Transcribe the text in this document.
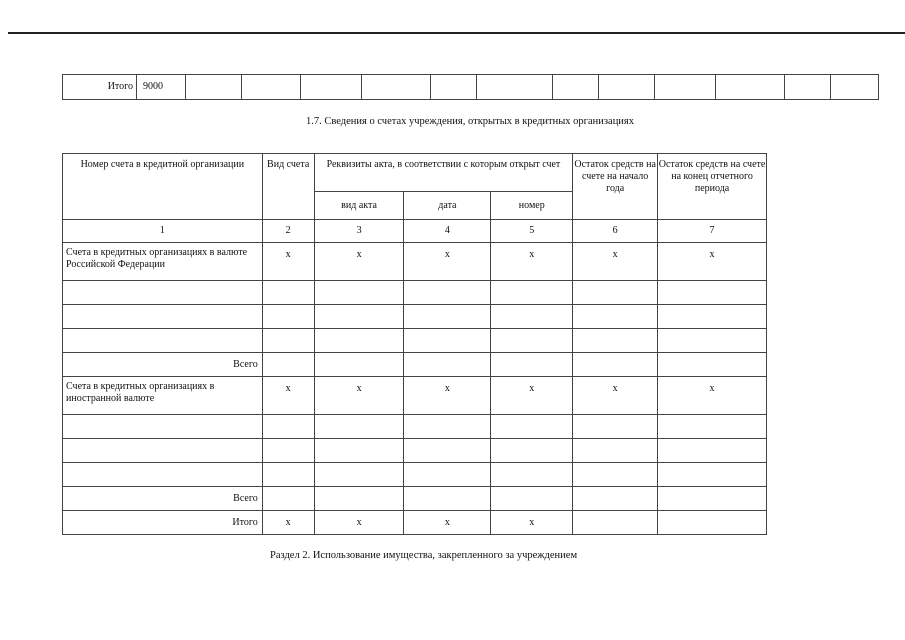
Итого	9000												
1.7. Сведения о счетах учреждения, открытых в кредитных организациях
Номер счета в кредитной организации	Вид счета	Реквизиты акта, в соответствии с которым открыт счет			Остаток средств на счете на начало года	Остаток средств на счете на конец отчетного периода
		вид акта	дата	номер		
1	2	3	4	5	6	7
Счета в кредитных организациях в валюте Российской Федерации	х	х	х	х	х	х

Всего						
Счета в кредитных организациях в иностранной валюте	х	х	х	х	х	х

Всего						
Итого	х	х	х	х		
Раздел 2. Использование имущества, закрепленного за учреждением
